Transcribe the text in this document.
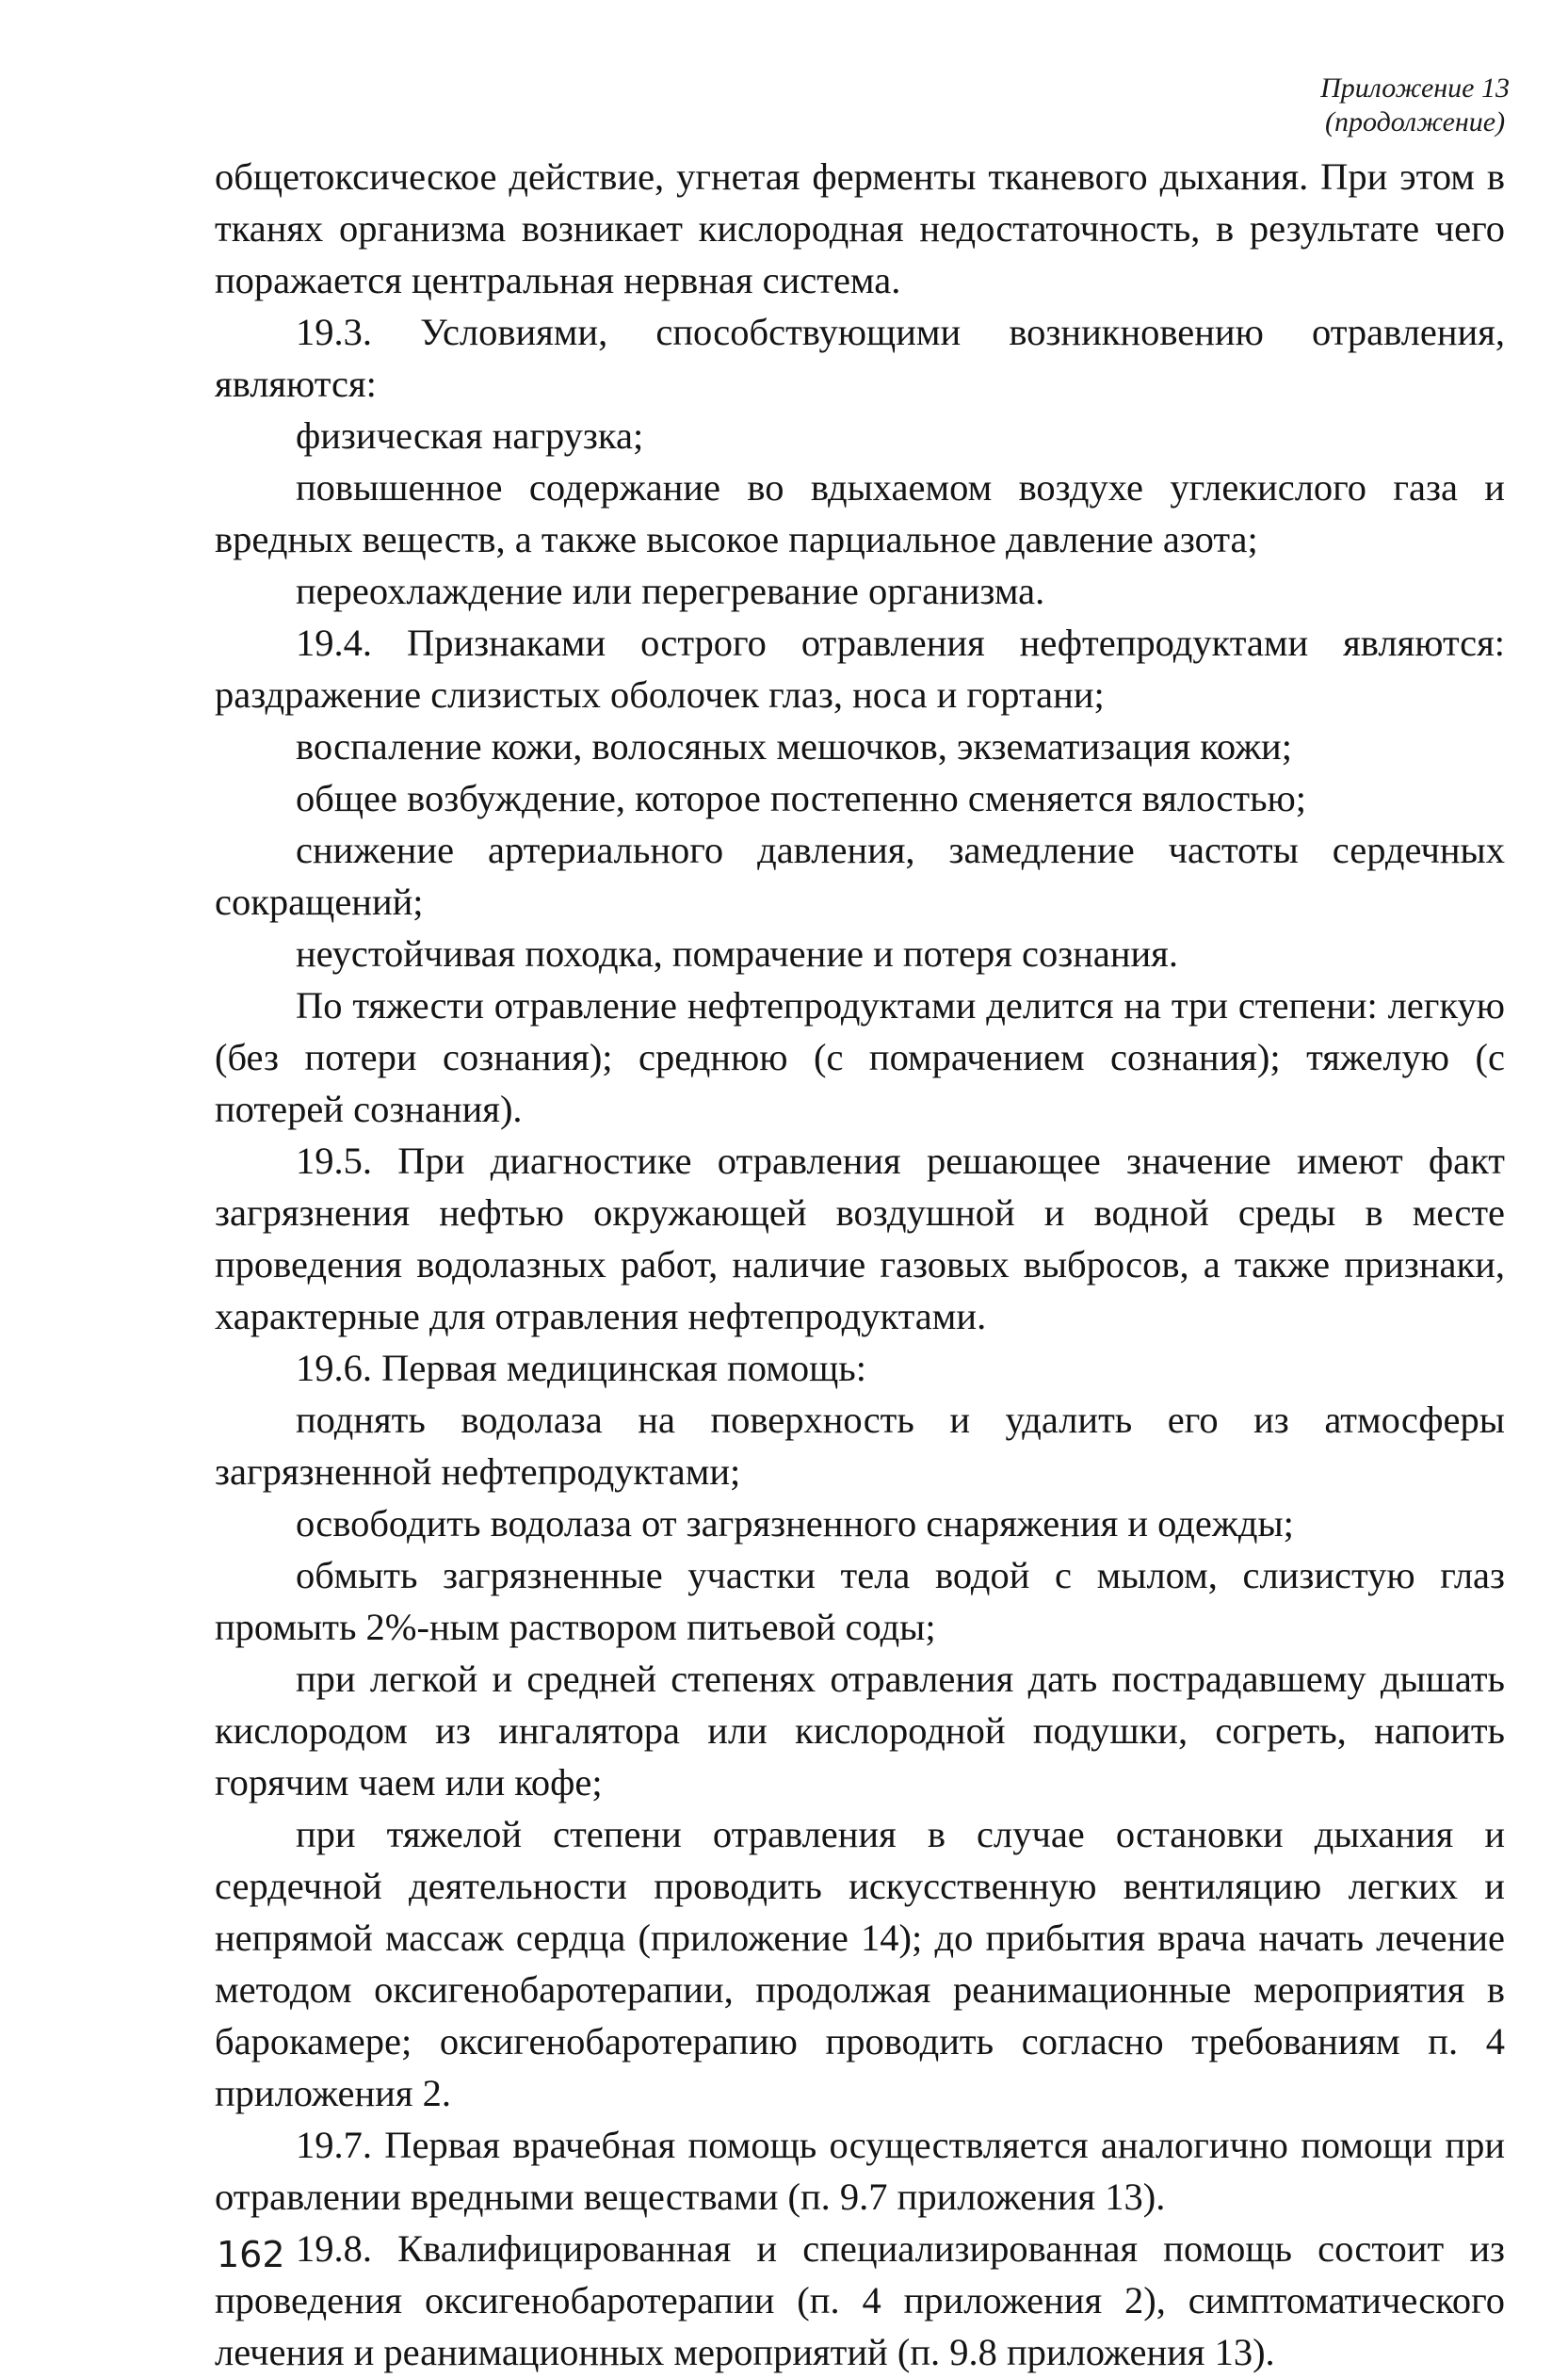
Приложение 13
(продолжение)

общетоксическое действие, угнетая ферменты тканевого дыхания. При этом в тканях организма возникает кислородная недостаточность, в результате чего поражается центральная нервная система.

19.3. Условиями, способствующими возникновению отравления, являются:

физическая нагрузка;

повышенное содержание во вдыхаемом воздухе углекислого газа и вредных веществ, а также высокое парциальное давление азота;

переохлаждение или перегревание организма.

19.4. Признаками острого отравления нефтепродуктами являются: раздражение слизистых оболочек глаз, носа и гортани;

воспаление кожи, волосяных мешочков, экзематизация кожи;

общее возбуждение, которое постепенно сменяется вялостью;

снижение артериального давления, замедление частоты сердечных сокращений;

неустойчивая походка, помрачение и потеря сознания.

По тяжести отравление нефтепродуктами делится на три степени: легкую (без потери сознания); среднюю (с помрачением сознания); тяжелую (с потерей сознания).

19.5. При диагностике отравления решающее значение имеют факт загрязнения нефтью окружающей воздушной и водной среды в месте проведения водолазных работ, наличие газовых выбросов, а также признаки, характерные для отравления нефтепродуктами.

19.6. Первая медицинская помощь:

поднять водолаза на поверхность и удалить его из атмосферы загрязненной нефтепродуктами;

освободить водолаза от загрязненного снаряжения и одежды;

обмыть загрязненные участки тела водой с мылом, слизистую глаз промыть 2%-ным раствором питьевой соды;

при легкой и средней степенях отравления дать пострадавшему дышать кислородом из ингалятора или кислородной подушки, согреть, напоить горячим чаем или кофе;

при тяжелой степени отравления в случае остановки дыхания и сердечной деятельности проводить искусственную вентиляцию легких и непрямой массаж сердца (приложение 14); до прибытия врача начать лечение методом оксигенобаротерапии, продолжая реанимационные мероприятия в барокамере; оксигенобаротерапию проводить согласно требованиям п. 4 приложения 2.

19.7. Первая врачебная помощь осуществляется аналогично помощи при отравлении вредными веществами (п. 9.7 приложения 13).

19.8. Квалифицированная и специализированная помощь состоит из проведения оксигенобаротерапии (п. 4 приложения 2), симптоматического лечения и реанимационных мероприятий (п. 9.8 приложения 13).

162
